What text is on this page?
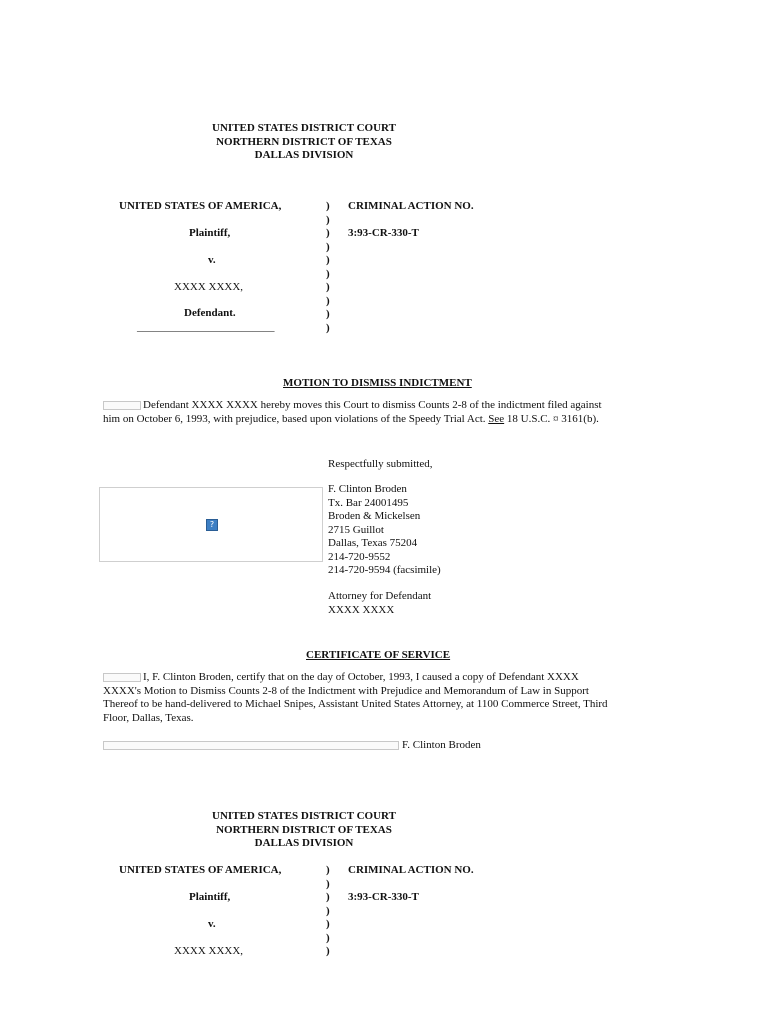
UNITED STATES DISTRICT COURT
NORTHERN DISTRICT OF TEXAS
DALLAS DIVISION
UNITED STATES OF AMERICA,
Plaintiff,
v.
XXXX XXXX,
Defendant.
_________________________
)
)
)
)
)
)
)
)
)
)
CRIMINAL ACTION NO.
3:93-CR-330-T
MOTION TO DISMISS INDICTMENT
Defendant XXXX XXXX hereby moves this Court to dismiss Counts 2-8 of the indictment filed against
him on October 6, 1993, with prejudice, based upon violations of the Speedy Trial Act. See 18 U.S.C. ¤ 3161(b).
?
Respectfully submitted,
F. Clinton Broden
Tx. Bar 24001495
Broden & Mickelsen
2715 Guillot
Dallas, Texas 75204
214-720-9552
214-720-9594 (facsimile)
Attorney for Defendant
XXXX XXXX
CERTIFICATE OF SERVICE
I, F. Clinton Broden, certify that on the day of October, 1993, I caused a copy of Defendant XXXX
XXXX's Motion to Dismiss Counts 2-8 of the Indictment with Prejudice and Memorandum of Law in Support
Thereof to be hand-delivered to Michael Snipes, Assistant United States Attorney, at 1100 Commerce Street, Third
Floor, Dallas, Texas.
F. Clinton Broden
UNITED STATES DISTRICT COURT
NORTHERN DISTRICT OF TEXAS
DALLAS DIVISION
UNITED STATES OF AMERICA,
Plaintiff,
v.
XXXX XXXX,
)
)
)
)
)
)
)
CRIMINAL ACTION NO.
3:93-CR-330-T
